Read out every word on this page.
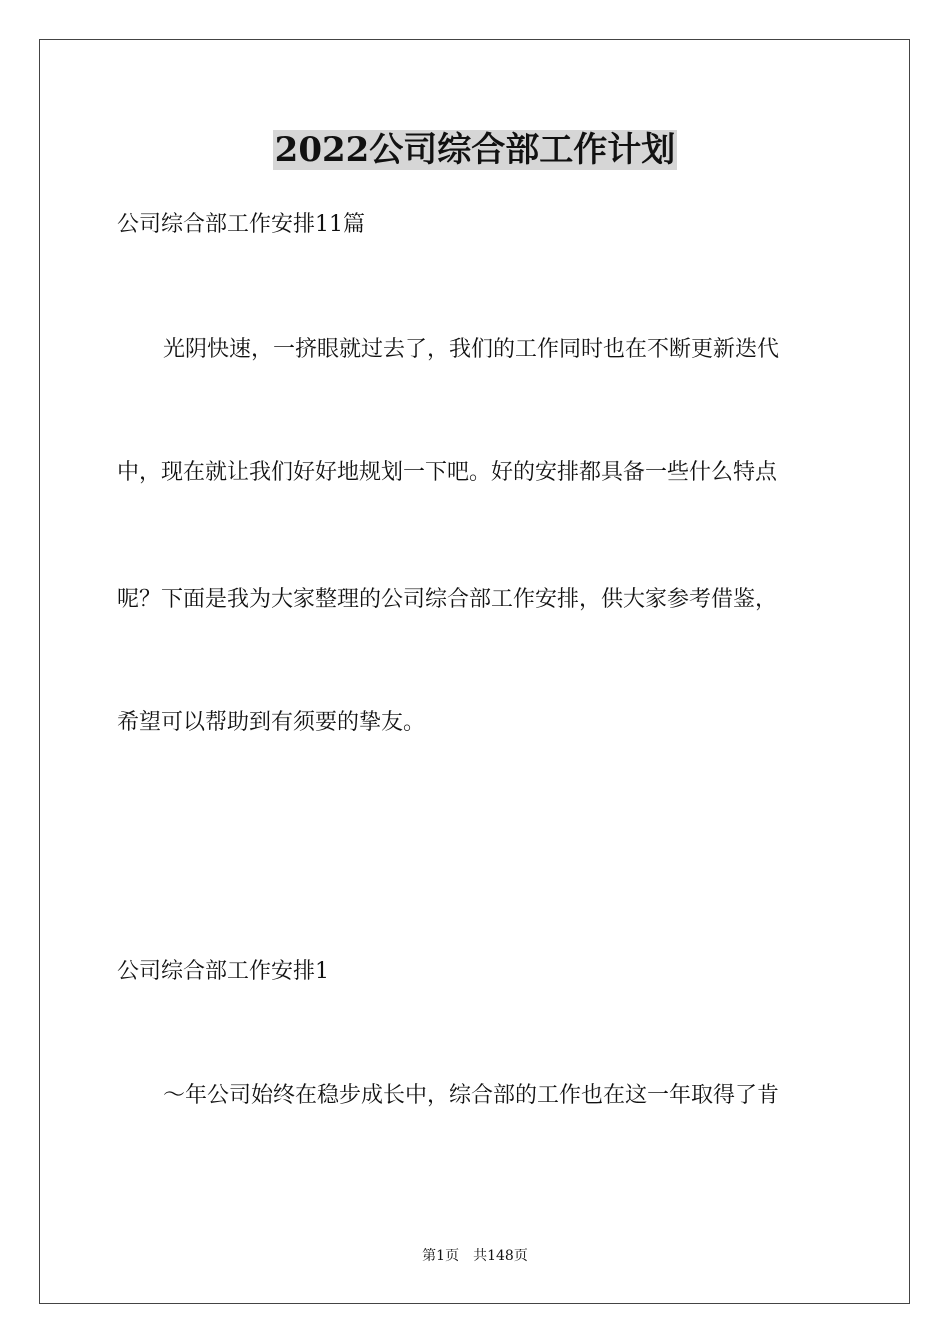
2022公司综合部工作计划

公司综合部工作安排11篇

光阴快速，一挤眼就过去了，我们的工作同时也在不断更新迭代

中，现在就让我们好好地规划一下吧。好的安排都具备一些什么特点

呢？下面是我为大家整理的公司综合部工作安排，供大家参考借鉴，

希望可以帮助到有须要的挚友。

公司综合部工作安排1

～年公司始终在稳步成长中，综合部的工作也在这一年取得了肯

第1页 共148页
